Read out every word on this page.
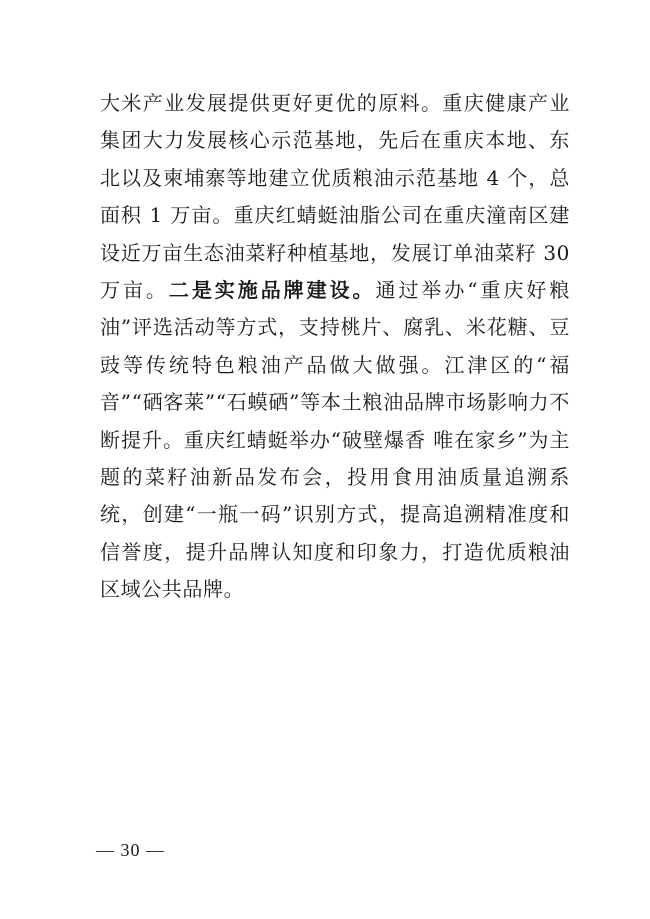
大米产业发展提供更好更优的原料。重庆健康产业集团大力发展核心示范基地，先后在重庆本地、东北以及柬埔寨等地建立优质粮油示范基地 4 个，总面积 1 万亩。重庆红蜻蜓油脂公司在重庆潼南区建设近万亩生态油菜籽种植基地，发展订单油菜籽 30 万亩。二是实施品牌建设。通过举办“重庆好粮油”评选活动等方式，支持桃片、腐乳、米花糖、豆豉等传统特色粮油产品做大做强。江津区的“福音”“硒客莱”“石蟆硒”等本土粮油品牌市场影响力不断提升。重庆红蜻蜓举办“破壁爆香 唯在家乡”为主题的菜籽油新品发布会，投用食用油质量追溯系统，创建“一瓶一码”识别方式，提高追溯精准度和信誉度，提升品牌认知度和印象力，打造优质粮油区域公共品牌。

— 30 —
